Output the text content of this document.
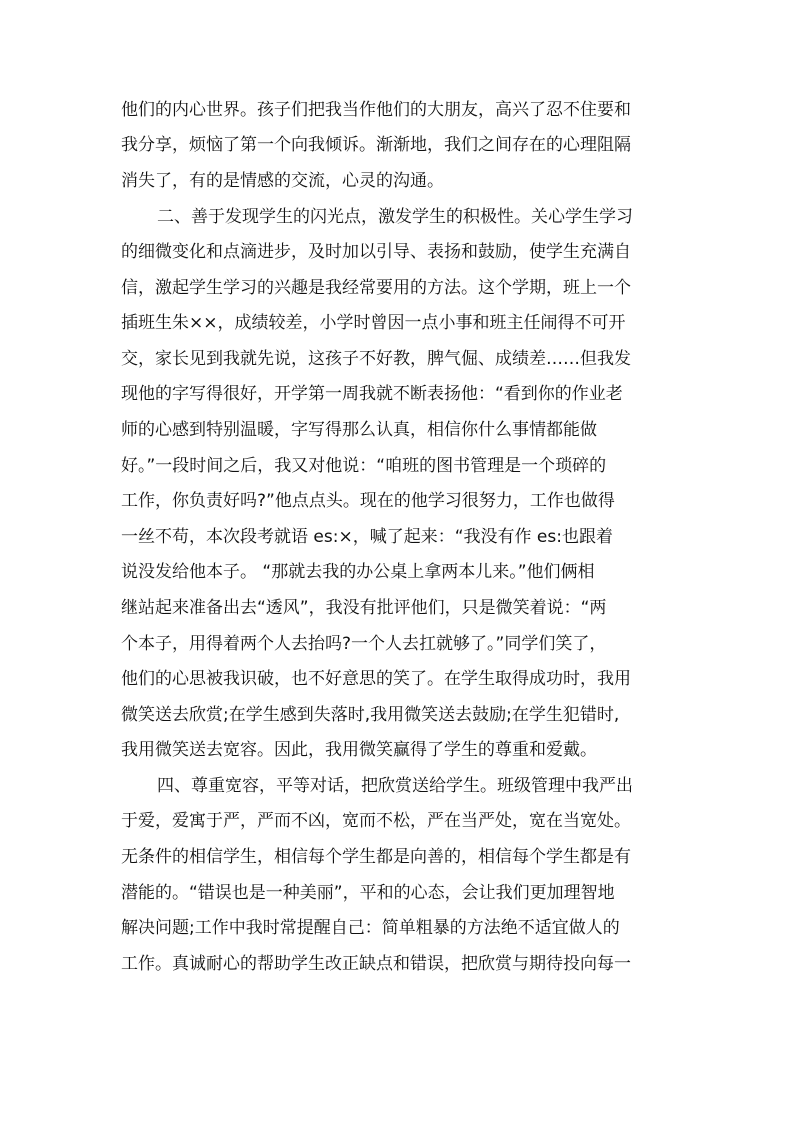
他们的内心世界。孩子们把我当作他们的大朋友，高兴了忍不住要和
我分享，烦恼了第一个向我倾诉。渐渐地，我们之间存在的心理阻隔
消失了，有的是情感的交流，心灵的沟通。
二、善于发现学生的闪光点，激发学生的积极性。关心学生学习
的细微变化和点滴进步，及时加以引导、表扬和鼓励，使学生充满自
信，激起学生学习的兴趣是我经常要用的方法。这个学期，班上一个
插班生朱××，成绩较差，小学时曾因一点小事和班主任闹得不可开
交，家长见到我就先说，这孩子不好教，脾气倔、成绩差……但我发
现他的字写得很好，开学第一周我就不断表扬他：“看到你的作业老
师的心感到特别温暖，字写得那么认真，相信你什么事情都能做
好。”一段时间之后，我又对他说：“咱班的图书管理是一个琐碎的
工作，你负责好吗?”他点点头。现在的他学习很努力，工作也做得
一丝不苟，本次段考就语 es:×，喊了起来：“我没有作 es:也跟着
说没发给他本子。 “那就去我的办公桌上拿两本儿来。”他们俩相
继站起来准备出去“透风”，我没有批评他们，只是微笑着说：“两
个本子，用得着两个人去抬吗?一个人去扛就够了。”同学们笑了，
他们的心思被我识破，也不好意思的笑了。在学生取得成功时，我用
微笑送去欣赏;在学生感到失落时,我用微笑送去鼓励;在学生犯错时,
我用微笑送去宽容。因此，我用微笑赢得了学生的尊重和爱戴。
四、尊重宽容，平等对话，把欣赏送给学生。班级管理中我严出
于爱，爱寓于严，严而不凶，宽而不松，严在当严处，宽在当宽处。
无条件的相信学生，相信每个学生都是向善的，相信每个学生都是有
潜能的。“错误也是一种美丽”，平和的心态，会让我们更加理智地
解决问题;工作中我时常提醒自己：简单粗暴的方法绝不适宜做人的
工作。真诚耐心的帮助学生改正缺点和错误，把欣赏与期待投向每一
